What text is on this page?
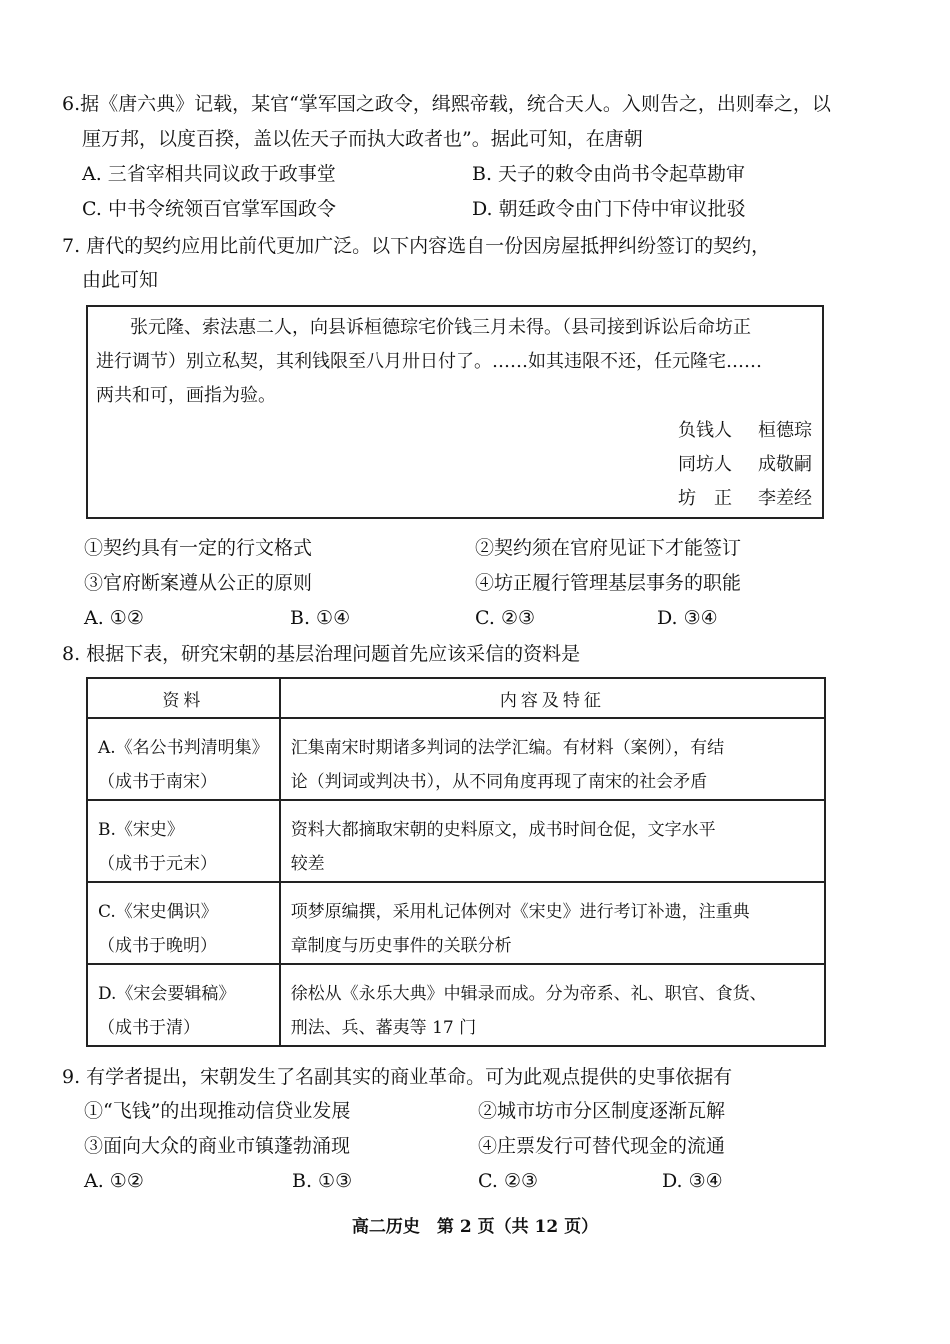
6.据《唐六典》记载，某官“掌军国之政令，缉熙帝载，统合天人。入则告之，出则奉之，以
厘万邦，以度百揆，盖以佐天子而执大政者也”。据此可知，在唐朝
A. 三省宰相共同议政于政事堂	B. 天子的敕令由尚书令起草勘审
C. 中书令统领百官掌军国政令	D. 朝廷政令由门下侍中审议批驳
7. 唐代的契约应用比前代更加广泛。以下内容选自一份因房屋抵押纠纷签订的契约，
由此可知
张元隆、索法惠二人，向县诉桓德琮宅价钱三月未得。（县司接到诉讼后命坊正
进行调节）别立私契，其利钱限至八月卅日付了。……如其违限不还，任元隆宅……
两共和可，画指为验。
负钱人 桓德琮
同坊人 成敬嗣
坊　正 李差经
①契约具有一定的行文格式	②契约须在官府见证下才能签订
③官府断案遵从公正的原则	④坊正履行管理基层事务的职能
A. ①②	B. ①④	C. ②③	D. ③④
8. 根据下表，研究宋朝的基层治理问题首先应该采信的资料是
资料	内容及特征

A.《名公书判清明集》
（成书于南宋）	汇集南宋时期诸多判词的法学汇编。有材料（案例），有结
论（判词或判决书），从不同角度再现了南宋的社会矛盾

B.《宋史》
（成书于元末）	资料大都摘取宋朝的史料原文，成书时间仓促，文字水平
较差

C.《宋史偶识》
（成书于晚明）	项梦原编撰，采用札记体例对《宋史》进行考订补遗，注重典
章制度与历史事件的关联分析

D.《宋会要辑稿》
（成书于清）	徐松从《永乐大典》中辑录而成。分为帝系、礼、职官、食货、
刑法、兵、蕃夷等 17 门
9. 有学者提出，宋朝发生了名副其实的商业革命。可为此观点提供的史事依据有
①“飞钱”的出现推动信贷业发展	②城市坊市分区制度逐渐瓦解
③面向大众的商业市镇蓬勃涌现	④庄票发行可替代现金的流通
A. ①②	B. ①③	C. ②③	D. ③④
高二历史　第 2 页（共 12 页）
